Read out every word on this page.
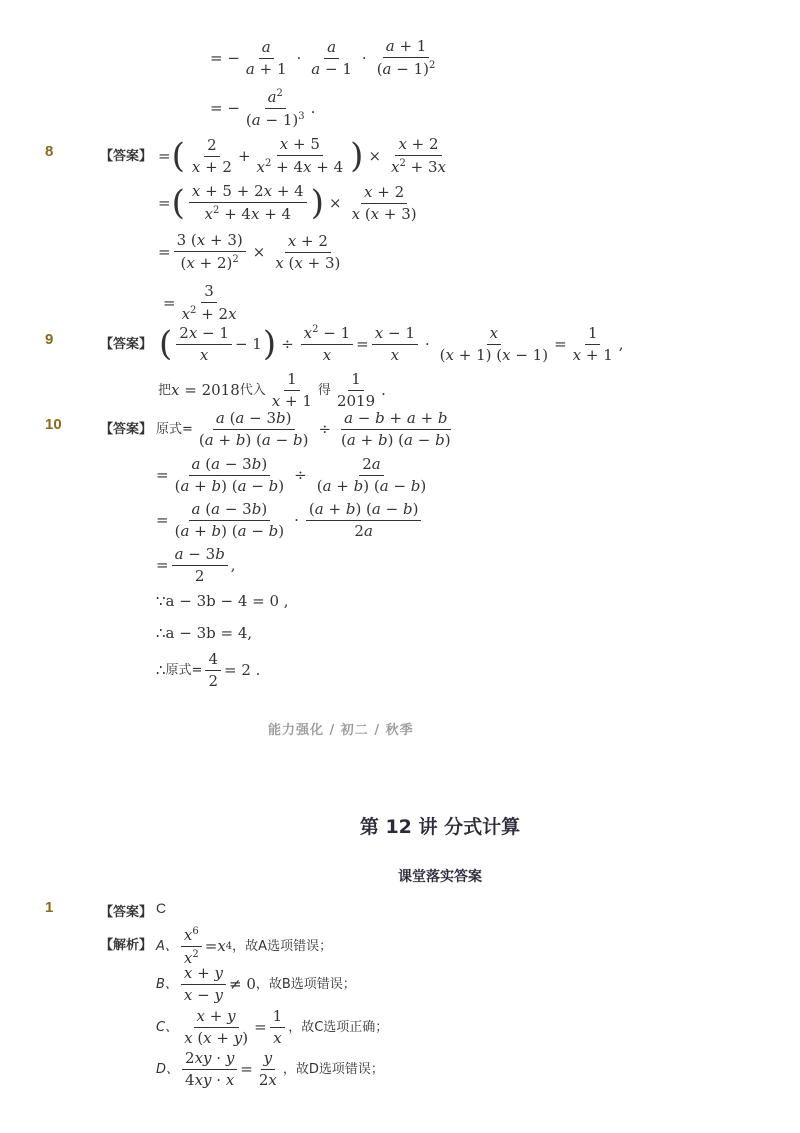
= − $\frac{a}{a + 1} \cdot \frac{a}{a - 1} \cdot \frac{a + 1}{(a - 1)^2}$
= − $\frac{a^2}{(a - 1)^3}$ .
8	【答案】 = ( $\frac{2}{x + 2} + \frac{x + 5}{x^2 + 4x + 4}$ ) × $\frac{x + 2}{x^2 + 3x}$
= ( $\frac{x + 5 + 2x + 4}{x^2 + 4x + 4}$ ) × $\frac{x + 2}{x (x + 3)}$
= $\frac{3 (x + 3)}{(x + 2)^2} \times \frac{x + 2}{x (x + 3)}$
= $\frac{3}{x^2 + 2x}$
9	【答案】 ( $\frac{2x - 1}{x} - 1$ ) ÷ $\frac{x^2 - 1}{x} = \frac{x - 1}{x} \cdot \frac{x}{(x + 1) (x - 1)} = \frac{1}{x + 1}$ ,
把 x = 2018 代入 $\frac{1}{x + 1}$ 得 $\frac{1}{2019}$ .
10	【答案】 原式= $\frac{a (a - 3b)}{(a + b) (a - b)} \div \frac{a - b + a + b}{(a + b) (a - b)}$
= $\frac{a (a - 3b)}{(a + b) (a - b)} \div \frac{2a}{(a + b) (a - b)}$
= $\frac{a (a - 3b)}{(a + b) (a - b)} \cdot \frac{(a + b) (a - b)}{2a}$
= $\frac{a - 3b}{2}$ ,
∵ a − 3b − 4 = 0 ,
∴ a − 3b = 4,
∴ 原式= $\frac{4}{2} = 2$ .
能力强化 / 初二 / 秋季
第 12 讲 分式计算
课堂落实答案
1	【答案】 C
【解析】 A、 $\frac{x^6}{x^2} = x$ 4 ，故A选项错误；
B、 $\frac{x + y}{x - y} \ne 0$ ，故B选项错误；
C、 $\frac{x + y}{x (x + y)} = \frac{1}{x}$ ，故C选项正确；
D、 $\frac{2xy \cdot y}{4xy \cdot x} = \frac{y}{2x}$ ，故D选项错误；
